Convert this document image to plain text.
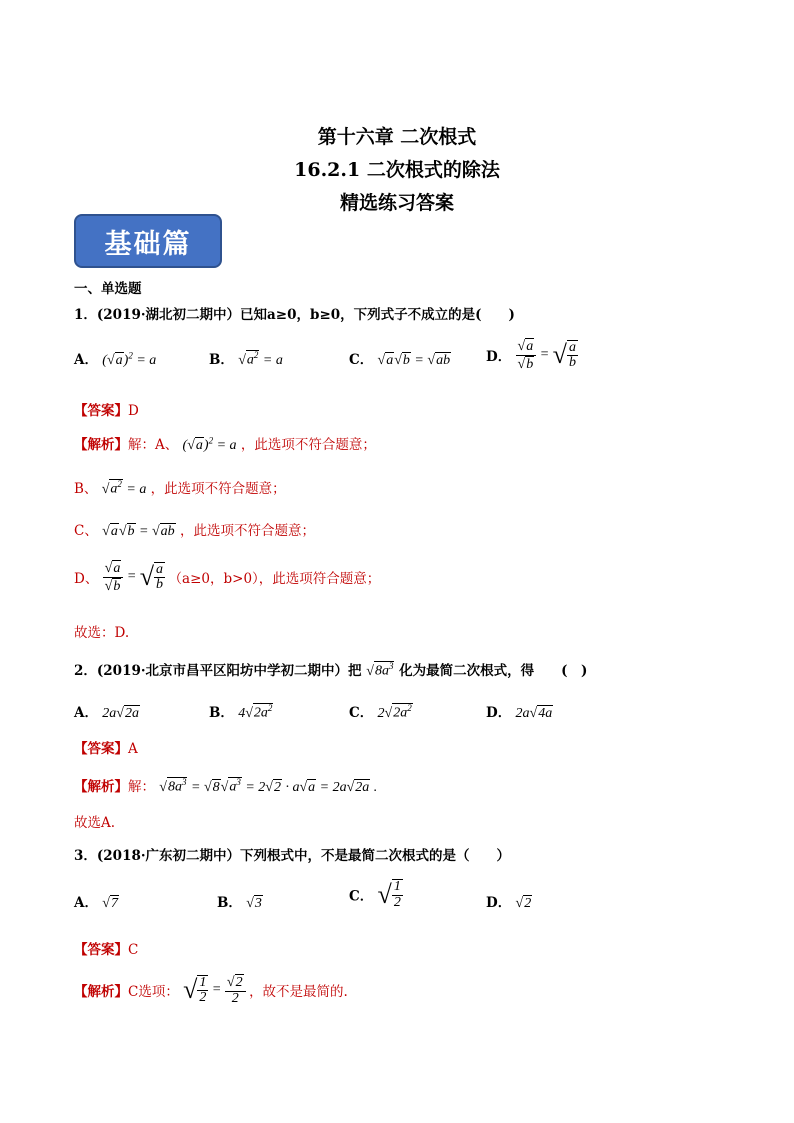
第十六章 二次根式
16.2.1 二次根式的除法
精选练习答案
基础篇
一、单选题
1．(2019·湖北初二期中）已知a≥0，b≥0，下列式子不成立的是(　　)
A． $(√a)^2 = a$	B． $√a^2 = a$	C． √a√b = √ab	D． $\frac{√a}{√b}$ = √ $\frac{a}{b}$
【答案】D
【解析】解：A、 $(√a)^2 = a$ ，此选项不符合题意；
B、 $√a^2 = a$ ，此选项不符合题意；
C、 √a√b = √ab ，此选项不符合题意；
D、 $\frac{√a}{√b}$ = √ $\frac{a}{b} (a\ge 0$，b>0），此选项符合题意；
故选：D.
2．(2019·北京市昌平区阳坊中学初二期中）把 $√8a^3$ 化为最简二次根式，得　　(　)
A． 2a√2a	B． $4√2a^2$	C． $2√2a^2$	D． 2a√4a
【答案】A
【解析】解： $√8a^3 = √8√a^3 = 2√2 \cdot a√a = 2a√2a$ .
故选A.
3．(2018·广东初二期中）下列根式中，不是最简二次根式的是（　　）
A． √7	B． √3	C． √ $\frac{1}{2}$	D． √2
【答案】C
【解析】C选项： √ $\frac{1}{2} = \frac{√2}{2}$ ，故不是最简的.
